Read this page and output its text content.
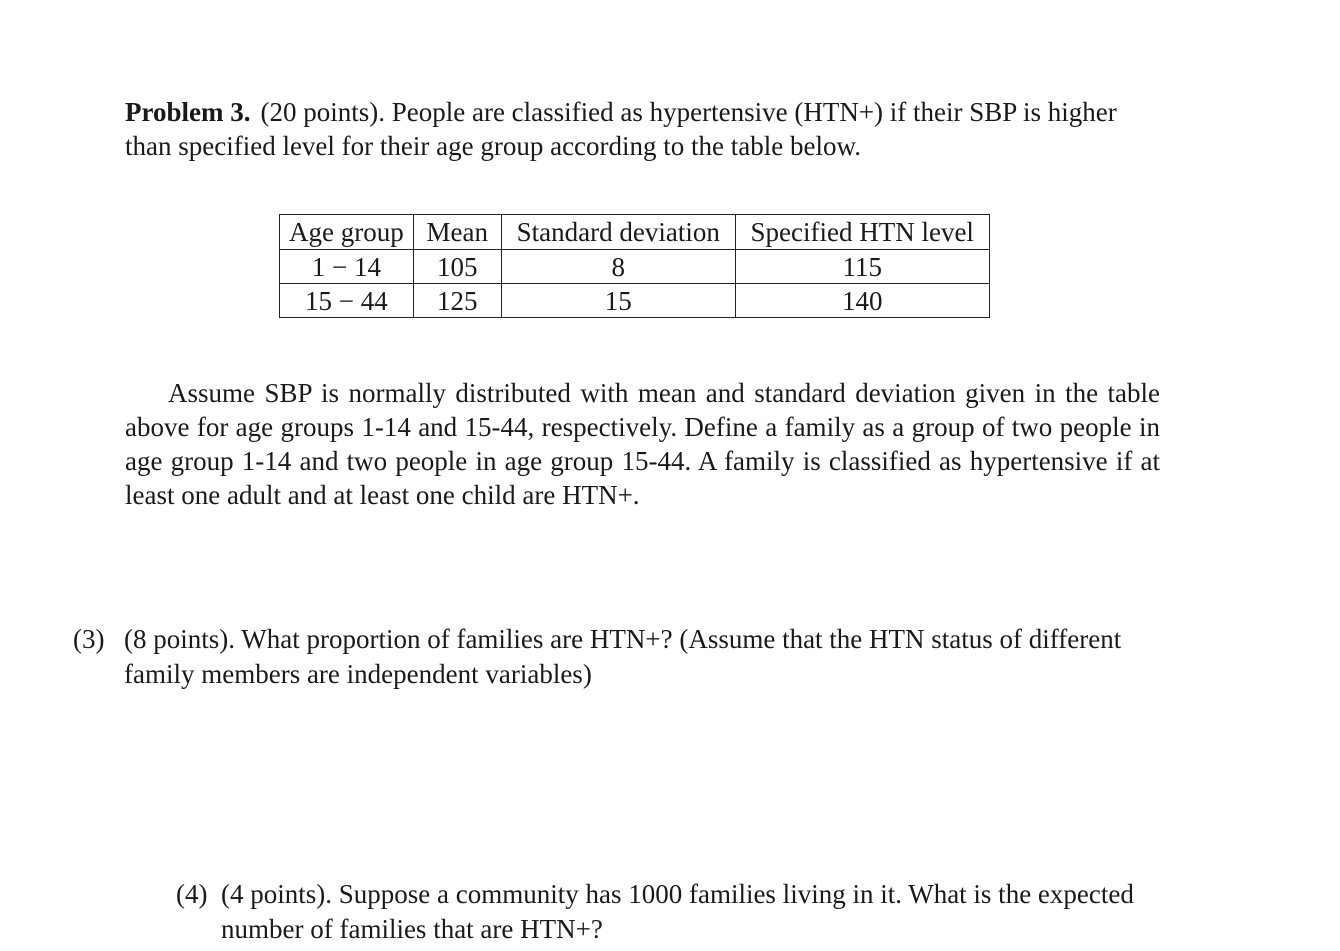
Problem 3. (20 points). People are classified as hypertensive (HTN+) if their SBP is higher than specified level for their age group according to the table below.

Age group	Mean	Standard deviation	Specified HTN level
1 − 14	105	8	115
15 − 44	125	15	140

Assume SBP is normally distributed with mean and standard deviation given in the table above for age groups 1-14 and 15-44, respectively. Define a family as a group of two people in age group 1-14 and two people in age group 15-44. A family is classified as hypertensive if at least one adult and at least one child are HTN+.

(3) (8 points). What proportion of families are HTN+? (Assume that the HTN status of different family members are independent variables)
(4) (4 points). Suppose a community has 1000 families living in it. What is the expected number of families that are HTN+?
